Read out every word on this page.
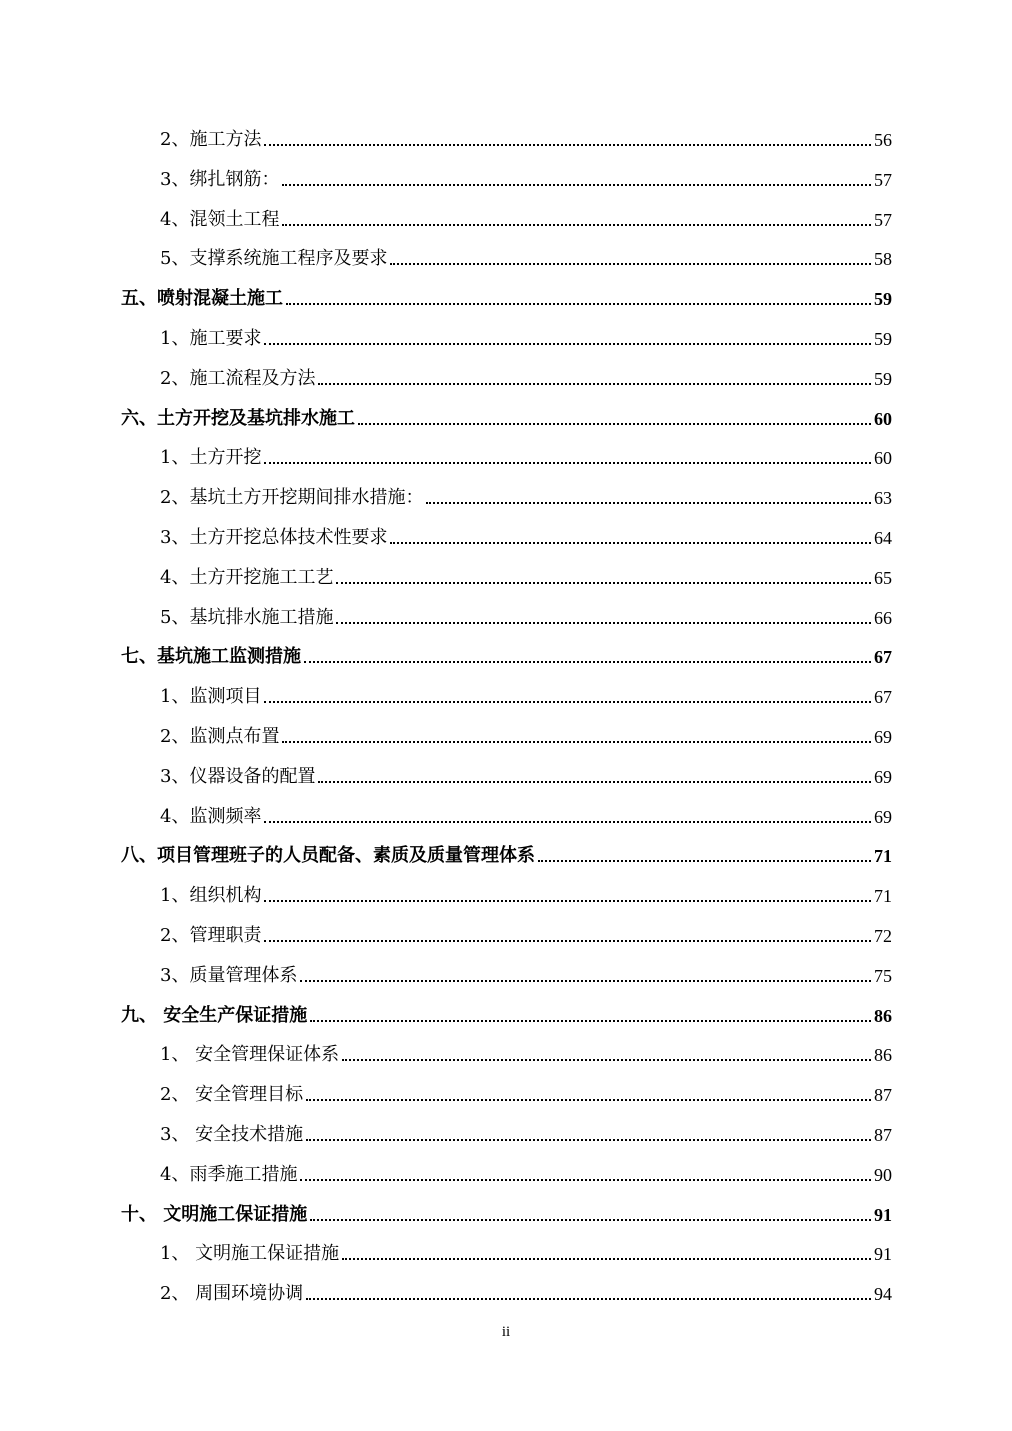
2、施工方法	56
3、绑扎钢筋：	57
4、混领土工程	57
5、支撑系统施工程序及要求	58
五、喷射混凝土施工	59
1、施工要求	59
2、施工流程及方法	59
六、土方开挖及基坑排水施工	60
1、土方开挖	60
2、基坑土方开挖期间排水措施：	63
3、土方开挖总体技术性要求	64
4、土方开挖施工工艺	65
5、基坑排水施工措施	66
七、基坑施工监测措施	67
1、监测项目	67
2、监测点布置	69
3、仪器设备的配置	69
4、监测频率	69
八、项目管理班子的人员配备、素质及质量管理体系	71
1、组织机构	71
2、管理职责	72
3、质量管理体系	75
九、 安全生产保证措施	86
1、 安全管理保证体系	86
2、 安全管理目标	87
3、 安全技术措施	87
4、雨季施工措施	90
十、 文明施工保证措施	91
1、 文明施工保证措施	91
2、 周围环境协调	94
ii
